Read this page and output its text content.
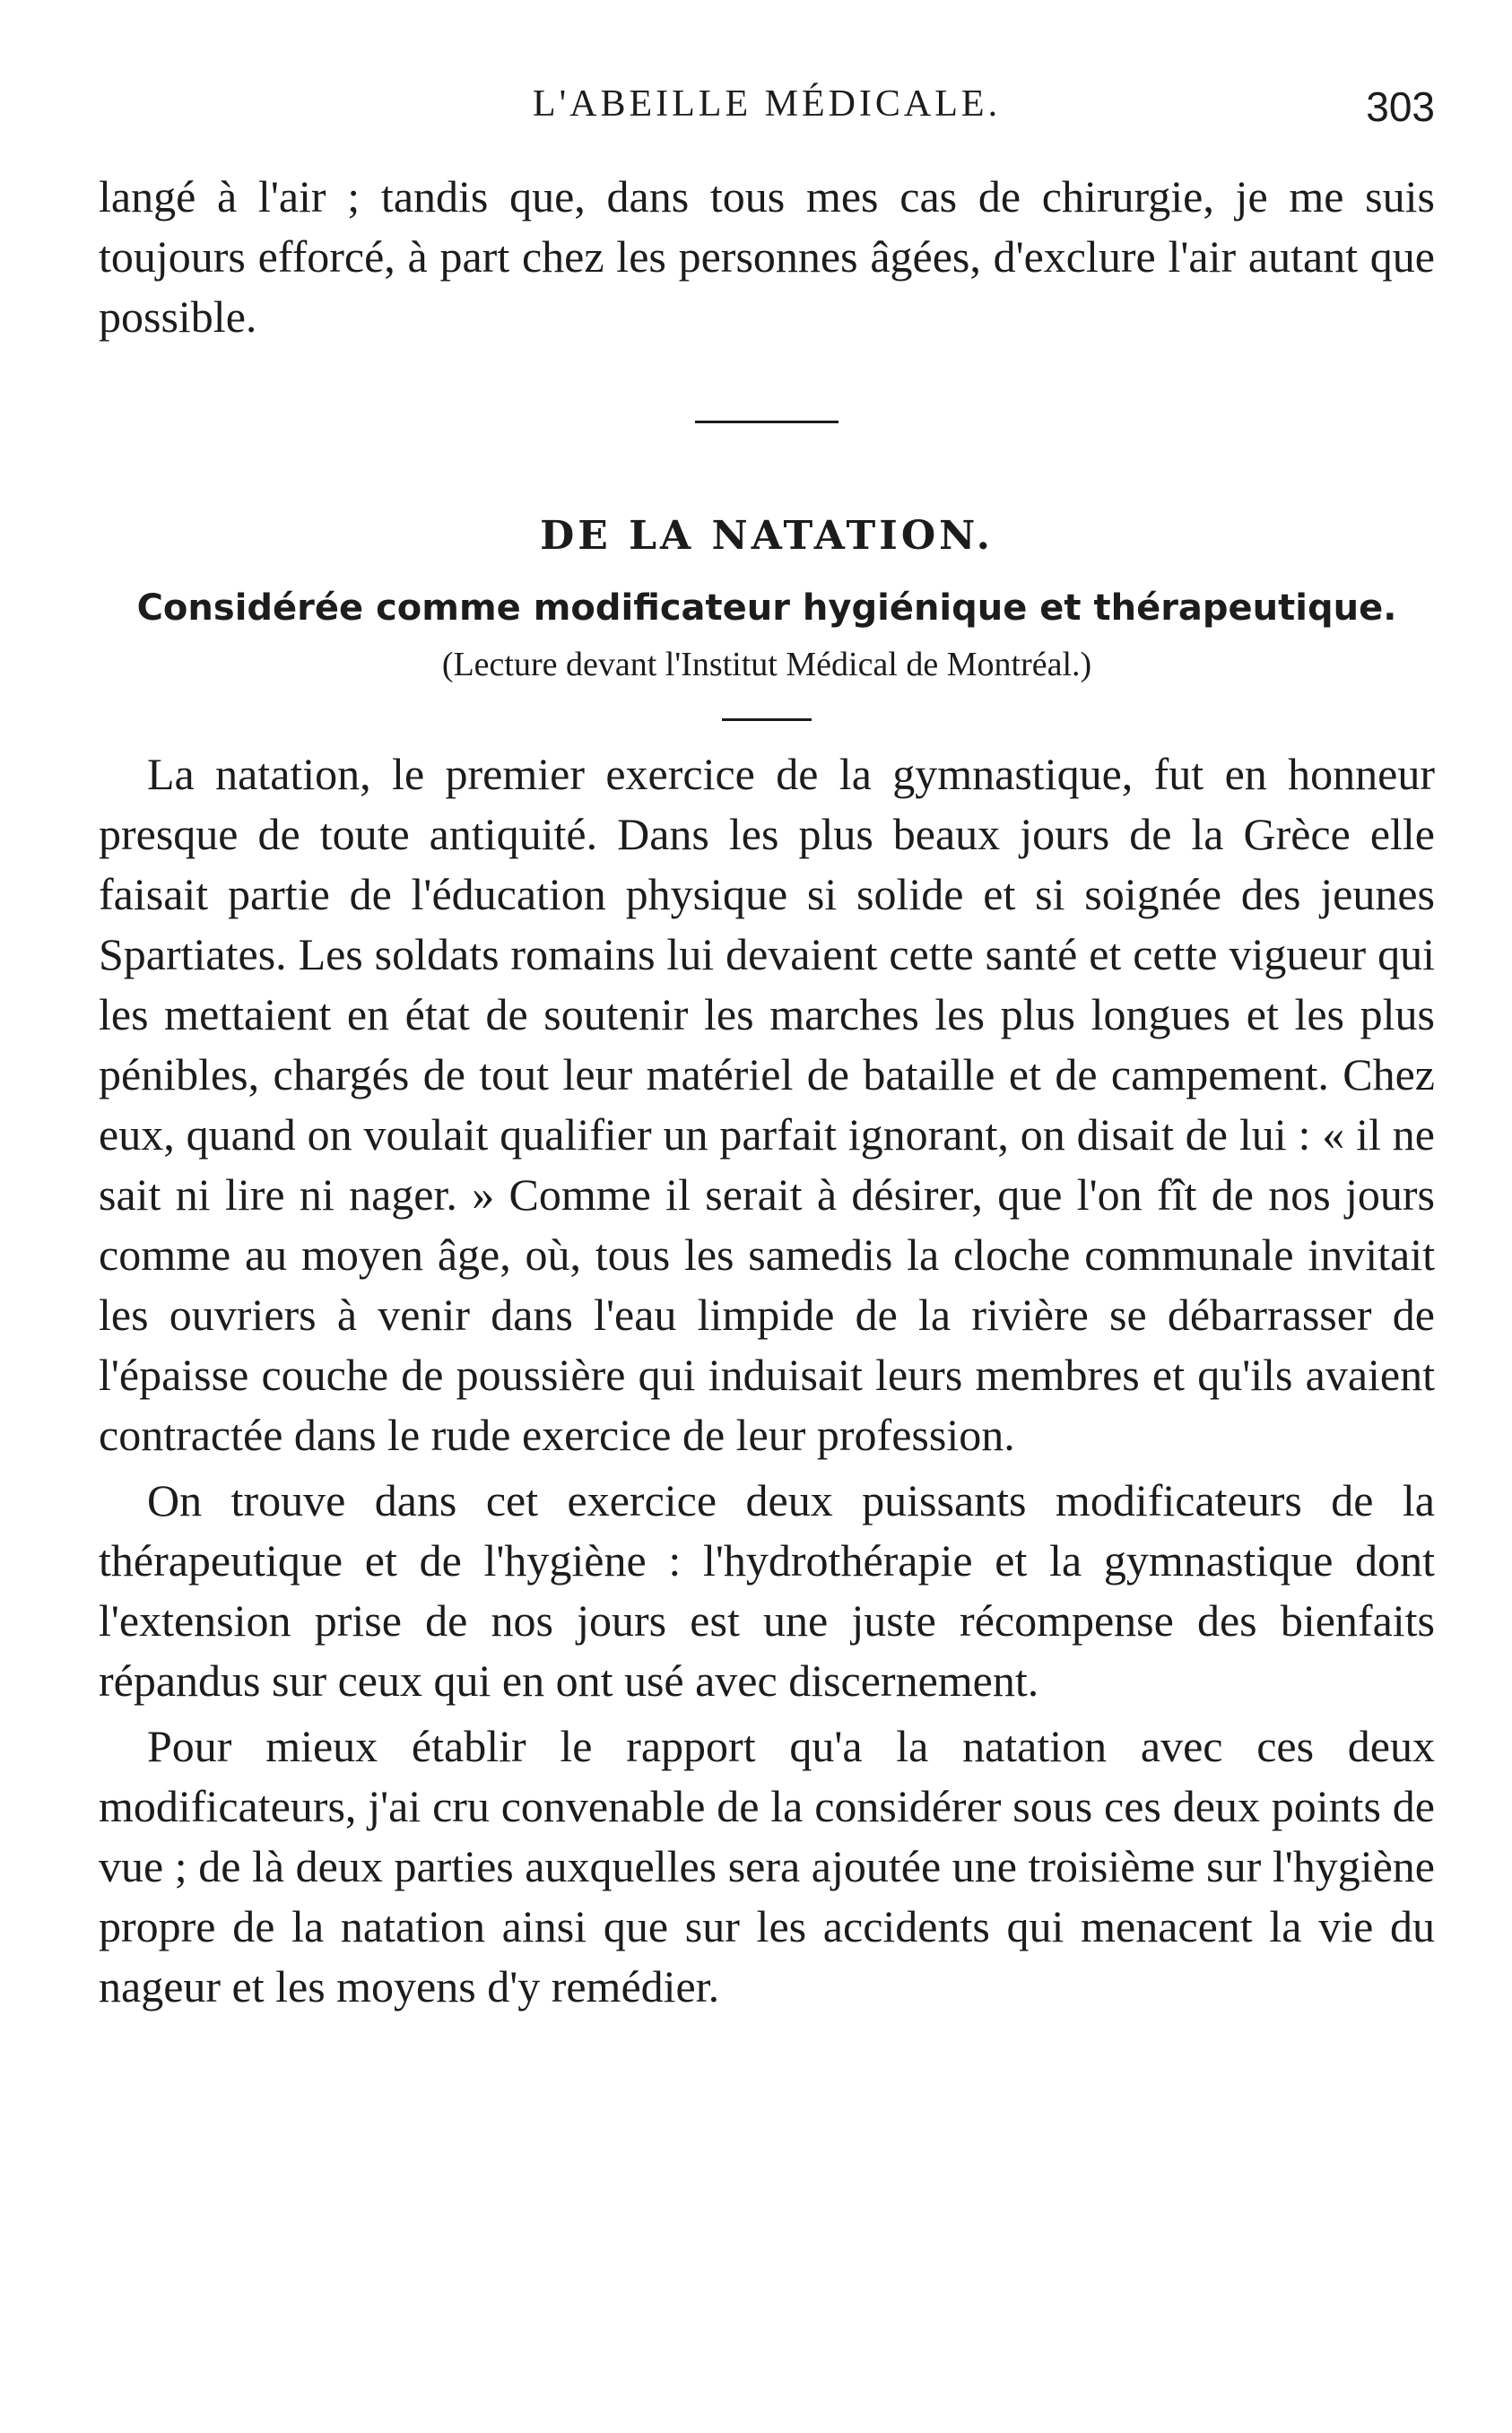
L'ABEILLE MÉDICALE.	303

langé à l'air ; tandis que, dans tous mes cas de chirurgie, je me suis toujours efforcé, à part chez les personnes âgées, d'exclure l'air autant que possible.

DE LA NATATION.
Considérée comme modificateur hygiénique et thérapeutique.
(Lecture devant l'Institut Médical de Montréal.)

La natation, le premier exercice de la gymnastique, fut en honneur presque de toute antiquité. Dans les plus beaux jours de la Grèce elle faisait partie de l'éducation physique si solide et si soignée des jeunes Spartiates. Les soldats romains lui devaient cette santé et cette vigueur qui les mettaient en état de soutenir les marches les plus longues et les plus pénibles, chargés de tout leur matériel de bataille et de campement. Chez eux, quand on voulait qualifier un parfait ignorant, on disait de lui : « il ne sait ni lire ni nager. » Comme il serait à désirer, que l'on fît de nos jours comme au moyen âge, où, tous les samedis la cloche communale invitait les ouvriers à venir dans l'eau limpide de la rivière se débarrasser de l'épaisse couche de poussière qui induisait leurs membres et qu'ils avaient contractée dans le rude exercice de leur profession.

On trouve dans cet exercice deux puissants modificateurs de la thérapeutique et de l'hygiène : l'hydrothérapie et la gymnastique dont l'extension prise de nos jours est une juste récompense des bienfaits répandus sur ceux qui en ont usé avec discernement.

Pour mieux établir le rapport qu'a la natation avec ces deux modificateurs, j'ai cru convenable de la considérer sous ces deux points de vue ; de là deux parties auxquelles sera ajoutée une troisième sur l'hygiène propre de la natation ainsi que sur les accidents qui menacent la vie du nageur et les moyens d'y remédier.
